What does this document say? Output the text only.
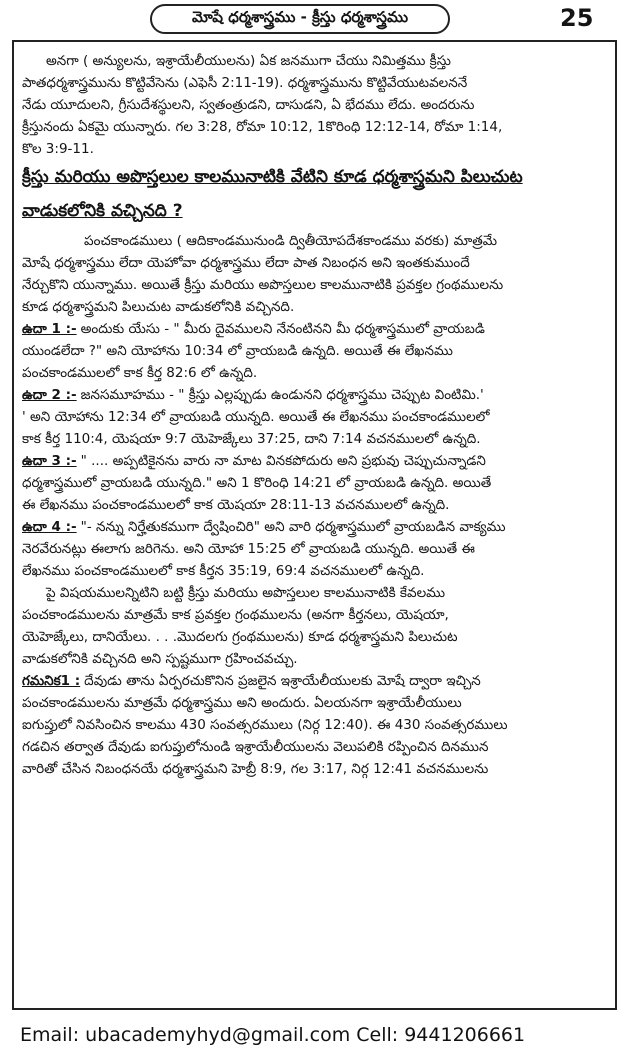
మోషే ధర్మశాస్త్రము - క్రీస్తు ధర్మశాస్త్రము	25
అనగా ( అన్యులను, ఇశ్రాయేలీయులను) ఏక జనముగా చేయు నిమిత్తము క్రీస్తు
పాతధర్మశాస్త్రమును కొట్టివేసెను (ఎఫెసీ 2:11-19). ధర్మశాస్త్రమును కొట్టివేయుటవలననే
నేడు యూదులని, గ్రీసుదేశస్థులని, స్వతంత్రుడని, దాసుడని, ఏ భేదము లేదు. అందరును
క్రీస్తునందు ఏకమై యున్నారు. గల 3:28, రోమా 10:12, 1కొరింధి 12:12-14, రోమా 1:14,
కొల 3:9-11.
క్రీస్తు మరియు అపొస్తలుల కాలమునాటికి వేటిని కూడ ధర్మశాస్త్రమని పిలుచుట
వాడుకలోనికి వచ్చినది ?
పంచకాండములు ( ఆదికాండమునుండి ద్వితీయోపదేశకాండము వరకు) మాత్రమే
మోషే ధర్మశాస్త్రము లేదా యెహోవా ధర్మశాస్త్రము లేదా పాత నిబంధన అని ఇంతకుముందే
నేర్చుకొని యున్నాము. అయితే క్రీస్తు మరియు అపొస్తలుల కాలమునాటికి ప్రవక్తల గ్రంథములను
కూడ ధర్మశాస్త్రమని పిలుచుట వాడుకలోనికి వచ్చినది.
ఉదా 1 :- అందుకు యేసు - " మీరు దైవములని నేనంటినని మీ ధర్మశాస్త్రములో వ్రాయబడి
యుండలేదా ?" అని యోహాను 10:34 లో వ్రాయబడి ఉన్నది. అయితే ఈ లేఖనము
పంచకాండములలో కాక కీర్త 82:6 లో ఉన్నది.
ఉదా 2 :- జనసమూహము - " క్రీస్తు ఎల్లప్పుడు ఉండునని ధర్మశాస్త్రము చెప్పుట వింటిమి.'
' అని యోహాను 12:34 లో వ్రాయబడి యున్నది. అయితే ఈ లేఖనము పంచకాండములలో
కాక కీర్త 110:4, యెషయా 9:7 యెహెజ్కేలు 37:25, దాని 7:14 వచనములలో ఉన్నది.
ఉదా 3 :- " .... అప్పటికైనను వారు నా మాట వినకపోదురు అని ప్రభువు చెప్పుచున్నాడని
ధర్మశాస్త్రములో వ్రాయబడి యున్నది." అని 1 కొరింధి 14:21 లో వ్రాయబడి ఉన్నది. అయితే
ఈ లేఖనము పంచకాండములలో కాక యెషయా 28:11-13 వచనములలో ఉన్నది.
ఉదా 4 :- "- నన్ను నిర్హేతుకముగా ద్వేషించిరి" అని వారి ధర్మశాస్త్రములో వ్రాయబడిన వాక్యము
నెరవేరునట్లు ఈలాగు జరిగెను. అని యోహా 15:25 లో వ్రాయబడి యున్నది. అయితే ఈ
లేఖనము పంచకాండములలో కాక కీర్తన 35:19, 69:4 వచనములలో ఉన్నది.
పై విషయములన్నిటిని బట్టి క్రీస్తు మరియు అపొస్తలుల కాలమునాటికి కేవలము
పంచకాండములను మాత్రమే కాక ప్రవక్తల గ్రంథములను (అనగా కీర్తనలు, యెషయా,
యెహెజ్కేలు, దానియేలు. . . .మొదలగు గ్రంథములను) కూడ ధర్మశాస్త్రమని పిలుచుట
వాడుకలోనికి వచ్చినది అని స్పష్టముగా గ్రహించవచ్చు.
గమనిక1 : దేవుడు తాను ఏర్పరచుకొనిన ప్రజలైన ఇశ్రాయేలీయులకు మోషే ద్వారా ఇచ్చిన
పంచకాండములను మాత్రమే ధర్మశాస్త్రము అని అందురు. ఏలయనగా ఇశ్రాయేలీయులు
ఐగుప్తులో నివసించిన కాలము 430 సంవత్సరములు (నిర్గ 12:40). ఈ 430 సంవత్సరములు
గడచిన తర్వాత దేవుడు ఐగుప్తులోనుండి ఇశ్రాయేలీయులను వెలుపలికి రప్పించిన దినమున
వారితో చేసిన నిబంధనయే ధర్మశాస్త్రమని హెబ్రీ 8:9, గల 3:17, నిర్గ 12:41 వచనములను
Email: ubacademyhyd@gmail.com Cell: 9441206661
